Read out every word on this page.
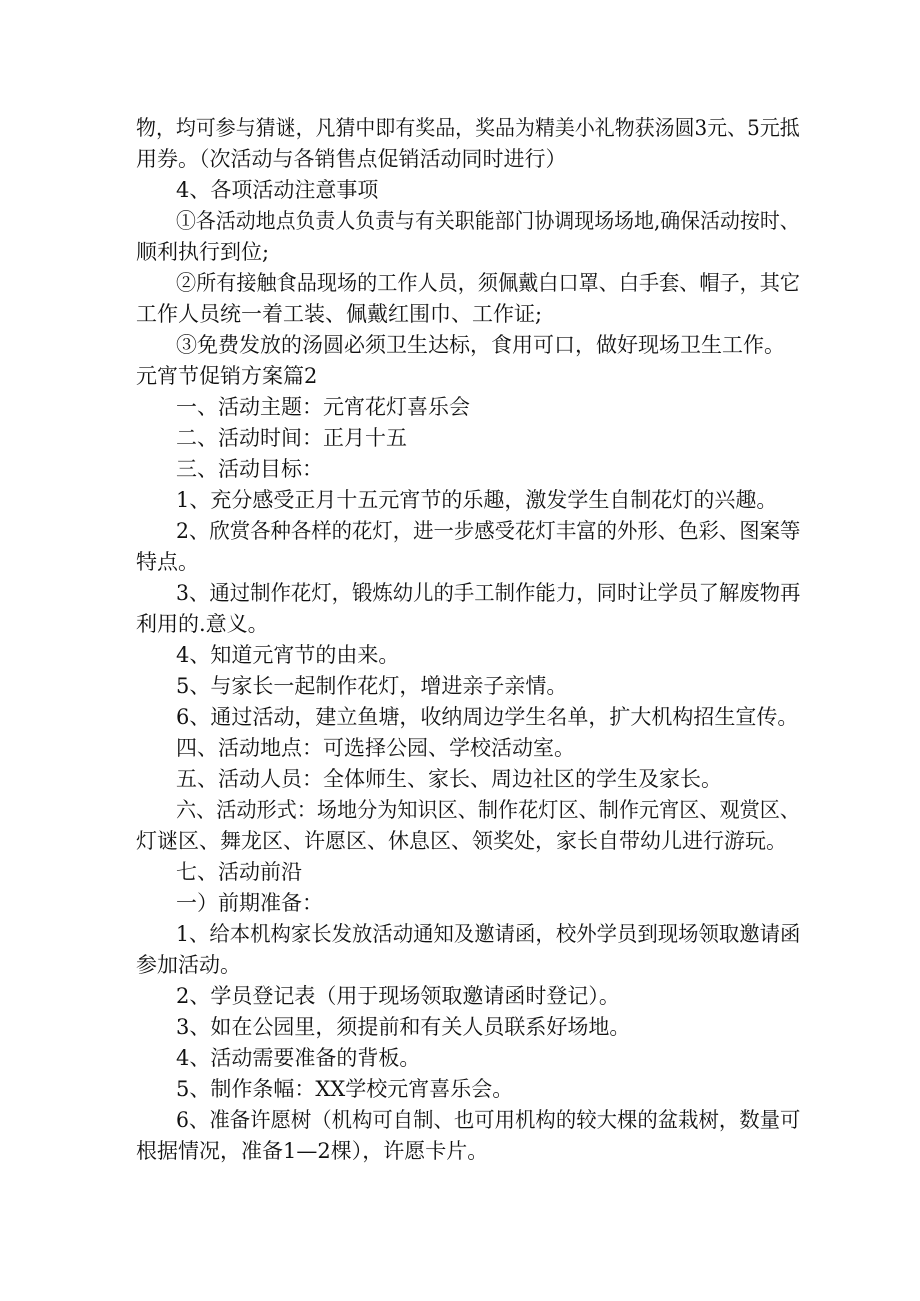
物，均可参与猜谜，凡猜中即有奖品，奖品为精美小礼物获汤圆3元、5元抵
用券。（次活动与各销售点促销活动同时进行）
4、各项活动注意事项
①各活动地点负责人负责与有关职能部门协调现场场地,确保活动按时、
顺利执行到位;
②所有接触食品现场的工作人员，须佩戴白口罩、白手套、帽子，其它
工作人员统一着工装、佩戴红围巾、工作证;
③免费发放的汤圆必须卫生达标，食用可口，做好现场卫生工作。
元宵节促销方案篇2
一、活动主题：元宵花灯喜乐会
二、活动时间：正月十五
三、活动目标：
1、充分感受正月十五元宵节的乐趣，激发学生自制花灯的兴趣。
2、欣赏各种各样的花灯，进一步感受花灯丰富的外形、色彩、图案等
特点。
3、通过制作花灯，锻炼幼儿的手工制作能力，同时让学员了解废物再
利用的.意义。
4、知道元宵节的由来。
5、与家长一起制作花灯，增进亲子亲情。
6、通过活动，建立鱼塘，收纳周边学生名单，扩大机构招生宣传。
四、活动地点：可选择公园、学校活动室。
五、活动人员：全体师生、家长、周边社区的学生及家长。
六、活动形式：场地分为知识区、制作花灯区、制作元宵区、观赏区、
灯谜区、舞龙区、许愿区、休息区、领奖处，家长自带幼儿进行游玩。
七、活动前沿
一）前期准备：
1、给本机构家长发放活动通知及邀请函，校外学员到现场领取邀请函
参加活动。
2、学员登记表（用于现场领取邀请函时登记）。
3、如在公园里，须提前和有关人员联系好场地。
4、活动需要准备的背板。
5、制作条幅：XX学校元宵喜乐会。
6、准备许愿树（机构可自制、也可用机构的较大棵的盆栽树，数量可
根据情况，准备1—2棵），许愿卡片。
